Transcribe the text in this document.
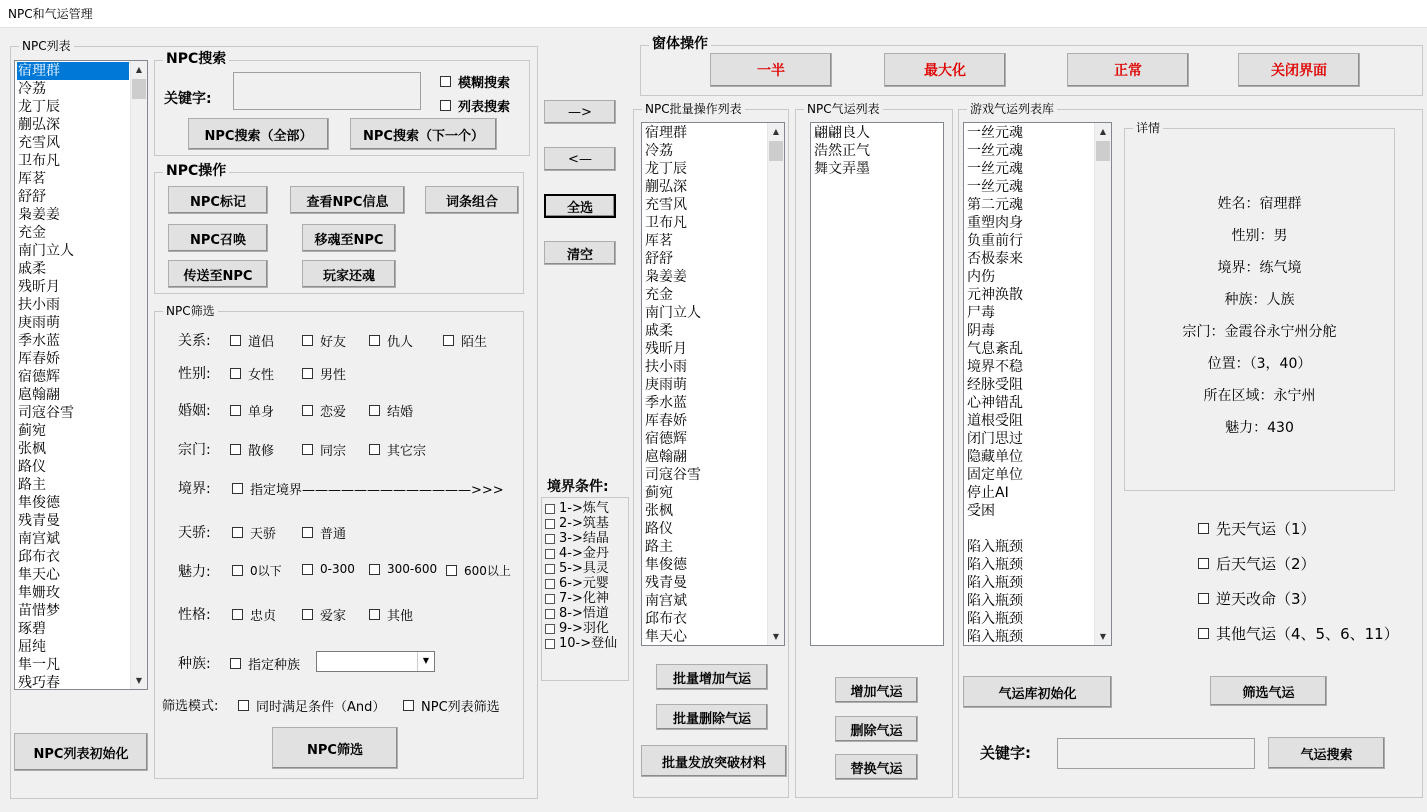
NPC和气运管理
NPC列表
宿理群
冷荔
龙丁辰
蒯弘深
充雪风
卫布凡
厍茗
舒舒
枭姜姜
充金
南门立人
戚柔
残昕月
扶小雨
庚雨萌
季水蓝
厍春娇
宿德辉
扈翰翮
司寇谷雪
蓟宛
张枫
路仪
路主
隼俊德
残青曼
南宫斌
邱布衣
隼天心
隼姗玫
苗惜梦
琢碧
屈纯
隼一凡
残巧春
▲
▼
NPC列表初始化
NPC搜索
关键字:
模糊搜索
列表搜索
NPC搜索（全部）	NPC搜索（下一个）
NPC操作
NPC标记	查看NPC信息	词条组合
NPC召唤	移魂至NPC
传送至NPC	玩家还魂
NPC筛选
关系:	道侣	好友	仇人	陌生
性别:	女性	男性
婚姻:	单身	恋爱	结婚
宗门:	散修	同宗	其它宗
境界:	指定境界—————————————>>>
天骄:	天骄	普通
魅力:	0以下	0-300	300-600 600以上
性格:	忠贞	爱家	其他
种族:	指定种族	▼
筛选模式:	同时满足条件（And）	NPC列表筛选
NPC筛选
—>
<—
全选
清空
境界条件:
1->炼气
2->筑基
3->结晶
4->金丹
5->具灵
6->元婴
7->化神
8->悟道
9->羽化
10->登仙
NPC批量操作列表
宿理群
冷荔
龙丁辰
蒯弘深
充雪风
卫布凡
厍茗
舒舒
枭姜姜
充金
南门立人
戚柔
残昕月
扶小雨
庚雨萌
季水蓝
厍春娇
宿德辉
扈翰翮
司寇谷雪
蓟宛
张枫
路仪
路主
隼俊德
残青曼
南宫斌
邱布衣
隼天心
▲
▼
批量增加气运
批量删除气运
批量发放突破材料
NPC气运列表
翩翩良人
浩然正气
舞文弄墨
增加气运
删除气运
替换气运
窗体操作
一半	最大化	正常	关闭界面
游戏气运列表库
一丝元魂
一丝元魂
一丝元魂
一丝元魂
第二元魂
重塑肉身
负重前行
否极泰来
内伤
元神涣散
尸毒
阴毒
气息紊乱
境界不稳
经脉受阻
心神错乱
道根受阻
闭门思过
隐藏单位
固定单位
停止AI
受困
陷入瓶颈
陷入瓶颈
陷入瓶颈
陷入瓶颈
陷入瓶颈
陷入瓶颈
▲
▼
详情
姓名：宿理群
性别：男
境界：练气境
种族：人族
宗门：金霞谷永宁州分舵
位置：（3，40）
所在区域：永宁州
魅力：430
先天气运（1）
后天气运（2）
逆天改命（3）
其他气运（4、5、6、11）
气运库初始化	筛选气运
关键字:	气运搜索
